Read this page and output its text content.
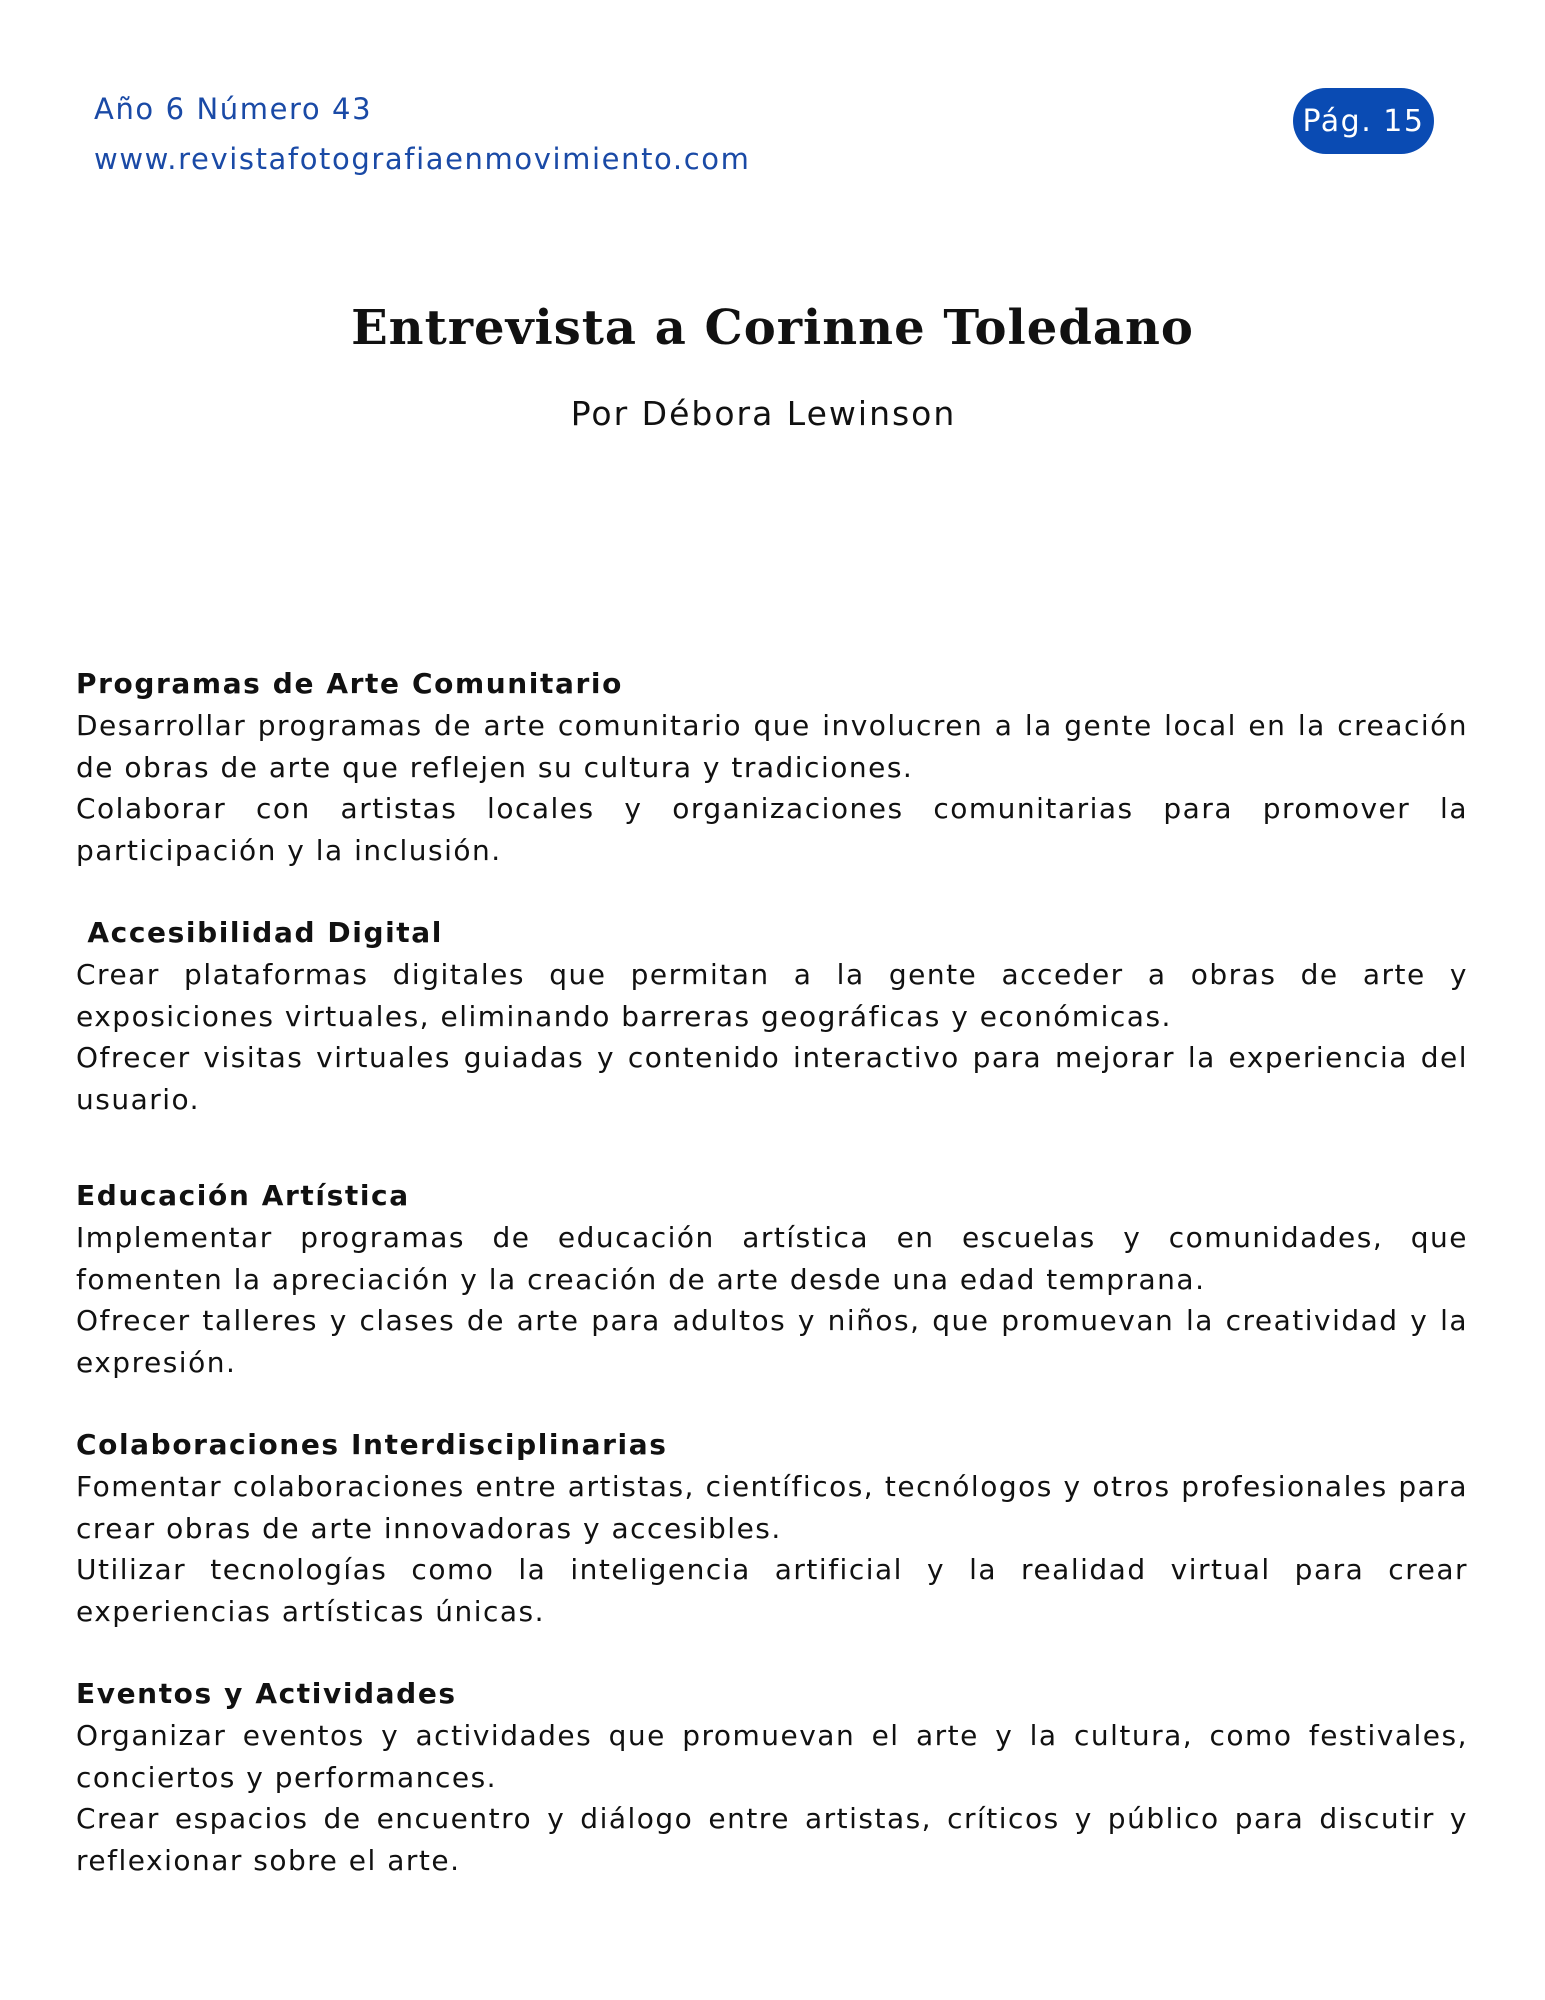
Año 6 Número 43
www.revistafotografiaenmovimiento.com
Pág. 15
Entrevista a Corinne Toledano
Por Débora Lewinson
Programas de Arte Comunitario

Desarrollar programas de arte comunitario que involucren a la gente local en la creación de obras de arte que reflejen su cultura y tradiciones.

Colaborar con artistas locales y organizaciones comunitarias para promover la participación y la inclusión.

Accesibilidad Digital

Crear plataformas digitales que permitan a la gente acceder a obras de arte y exposiciones virtuales, eliminando barreras geográficas y económicas.

Ofrecer visitas virtuales guiadas y contenido interactivo para mejorar la experiencia del usuario.

Educación Artística

Implementar programas de educación artística en escuelas y comunidades, que fomenten la apreciación y la creación de arte desde una edad temprana.

Ofrecer talleres y clases de arte para adultos y niños, que promuevan la creatividad y la expresión.

Colaboraciones Interdisciplinarias

Fomentar colaboraciones entre artistas, científicos, tecnólogos y otros profesionales para crear obras de arte innovadoras y accesibles.

Utilizar tecnologías como la inteligencia artificial y la realidad virtual para crear experiencias artísticas únicas.

Eventos y Actividades

Organizar eventos y actividades que promuevan el arte y la cultura, como festivales, conciertos y performances.

Crear espacios de encuentro y diálogo entre artistas, críticos y público para discutir y reflexionar sobre el arte.
